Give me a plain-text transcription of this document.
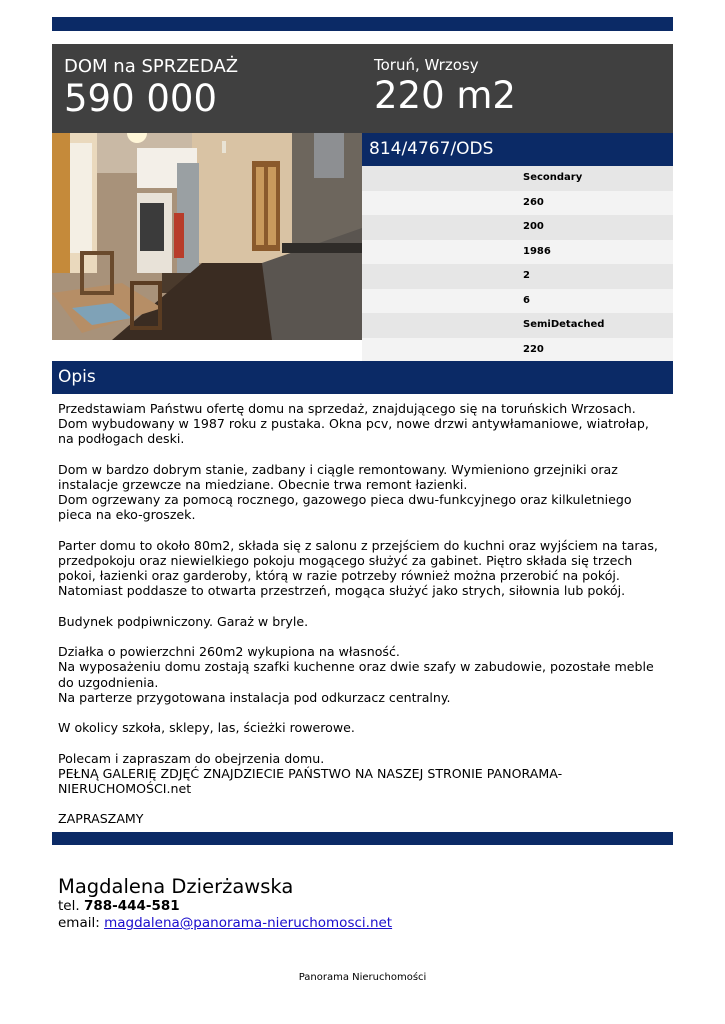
DOM na SPRZEDAŻ
590 000
Toruń, Wrzosy
220 m2
814/4767/ODS
Secondary
260
200
1986
2
6
SemiDetached
220
Opis

Przedstawiam Państwu ofertę domu na sprzedaż, znajdującego się na toruńskich Wrzosach. Dom wybudowany w 1987 roku z pustaka. Okna pcv, nowe drzwi antywłamaniowe, wiatrołap, na podłogach deski.

Dom w bardzo dobrym stanie, zadbany i ciągle remontowany. Wymieniono grzejniki oraz instalacje grzewcze na miedziane. Obecnie trwa remont łazienki.

Dom ogrzewany za pomocą rocznego, gazowego pieca dwu-funkcyjnego oraz kilkuletniego pieca na eko-groszek.

Parter domu to około 80m2, składa się z salonu z przejściem do kuchni oraz wyjściem na taras, przedpokoju oraz niewielkiego pokoju mogącego służyć za gabinet. Piętro składa się trzech pokoi, łazienki oraz garderoby, którą w razie potrzeby również można przerobić na pokój. Natomiast poddasze to otwarta przestrzeń, mogąca służyć jako strych, siłownia lub pokój.

Budynek podpiwniczony. Garaż w bryle.

Działka o powierzchni 260m2 wykupiona na własność.

Na wyposażeniu domu zostają szafki kuchenne oraz dwie szafy w zabudowie, pozostałe meble do uzgodnienia.

Na parterze przygotowana instalacja pod odkurzacz centralny.

W okolicy szkoła, sklepy, las, ścieżki rowerowe.

Polecam i zapraszam do obejrzenia domu.

PEŁNĄ GALERIĘ ZDJĘĆ ZNAJDZIECIE PAŃSTWO NA NASZEJ STRONIE PANORAMA-NIERUCHOMOŚCI.net

ZAPRASZAMY

Magdalena Dzierżawska
tel. 788-444-581
email: magdalena@panorama-nieruchomosci.net
Panorama Nieruchomości
